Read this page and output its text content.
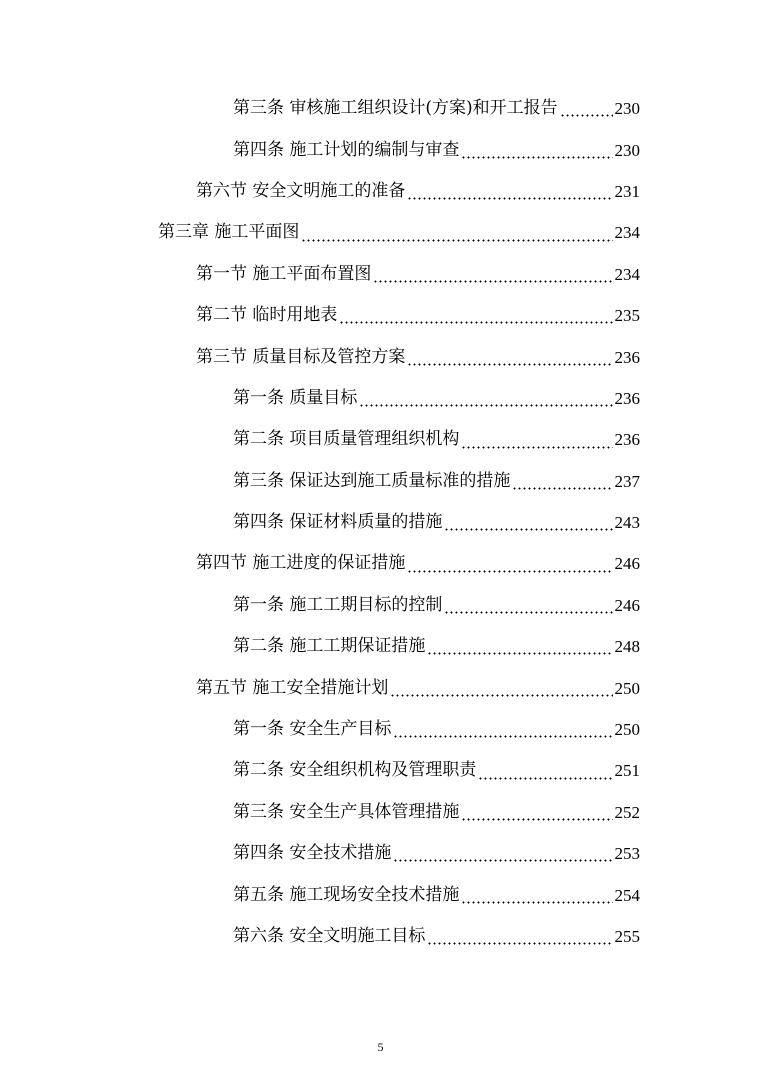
第三条 审核施工组织设计(方案)和开工报告	230
第四条 施工计划的编制与审查	230
第六节 安全文明施工的准备	231
第三章 施工平面图	234
第一节 施工平面布置图	234
第二节 临时用地表	235
第三节 质量目标及管控方案	236
第一条 质量目标	236
第二条 项目质量管理组织机构	236
第三条 保证达到施工质量标准的措施	237
第四条 保证材料质量的措施	243
第四节 施工进度的保证措施	246
第一条 施工工期目标的控制	246
第二条 施工工期保证措施	248
第五节 施工安全措施计划	250
第一条 安全生产目标	250
第二条 安全组织机构及管理职责	251
第三条 安全生产具体管理措施	252
第四条 安全技术措施	253
第五条 施工现场安全技术措施	254
第六条 安全文明施工目标	255
5
